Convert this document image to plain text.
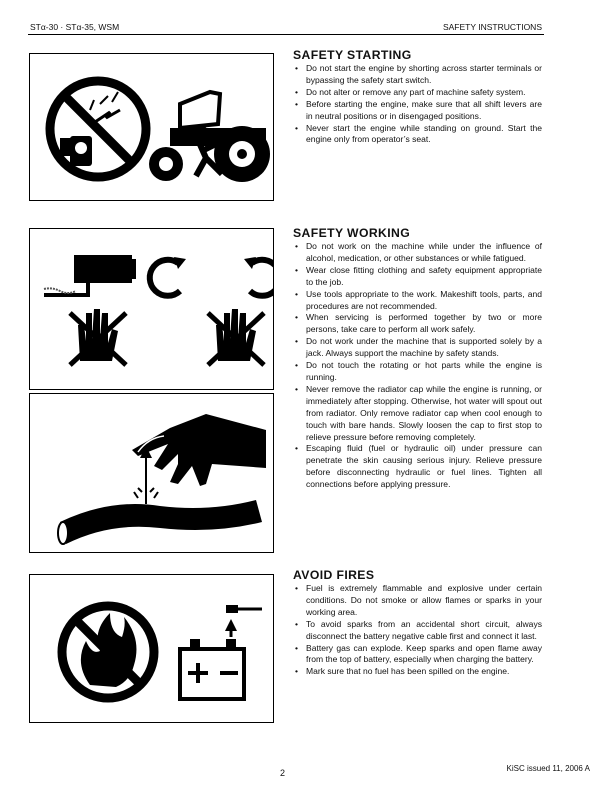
STα-30 · STα-35, WSM	SAFETY INSTRUCTIONS
SAFETY STARTING
• Do not start the engine by shorting across starter terminals or bypassing the safety start switch.
• Do not alter or remove any part of machine safety system.
• Before starting the engine, make sure that all shift levers are in neutral positions or in disengaged positions.
• Never start the engine while standing on ground. Start the engine only from operator’s seat.
SAFETY WORKING
• Do not work on the machine while under the influence of alcohol, medication, or other substances or while fatigued.
• Wear close fitting clothing and safety equipment appropriate to the job.
• Use tools appropriate to the work. Makeshift tools, parts, and procedures are not recommended.
• When servicing is performed together by two or more persons, take care to perform all work safely.
• Do not work under the machine that is supported solely by a jack. Always support the machine by safety stands.
• Do not touch the rotating or hot parts while the engine is running.
• Never remove the radiator cap while the engine is running, or immediately after stopping. Otherwise, hot water will spout out from radiator. Only remove radiator cap when cool enough to touch with bare hands. Slowly loosen the cap to first stop to relieve pressure before removing completely.
• Escaping fluid (fuel or hydraulic oil) under pressure can penetrate the skin causing serious injury. Relieve pressure before disconnecting hydraulic or fuel lines. Tighten all connections before applying pressure.
AVOID FIRES
• Fuel is extremely flammable and explosive under certain conditions. Do not smoke or allow flames or sparks in your working area.
• To avoid sparks from an accidental short circuit, always disconnect the battery negative cable first and connect it last.
• Battery gas can explode. Keep sparks and open flame away from the top of battery, especially when charging the battery.
• Mark sure that no fuel has been spilled on the engine.
2	KiSC issued 11, 2006 A
